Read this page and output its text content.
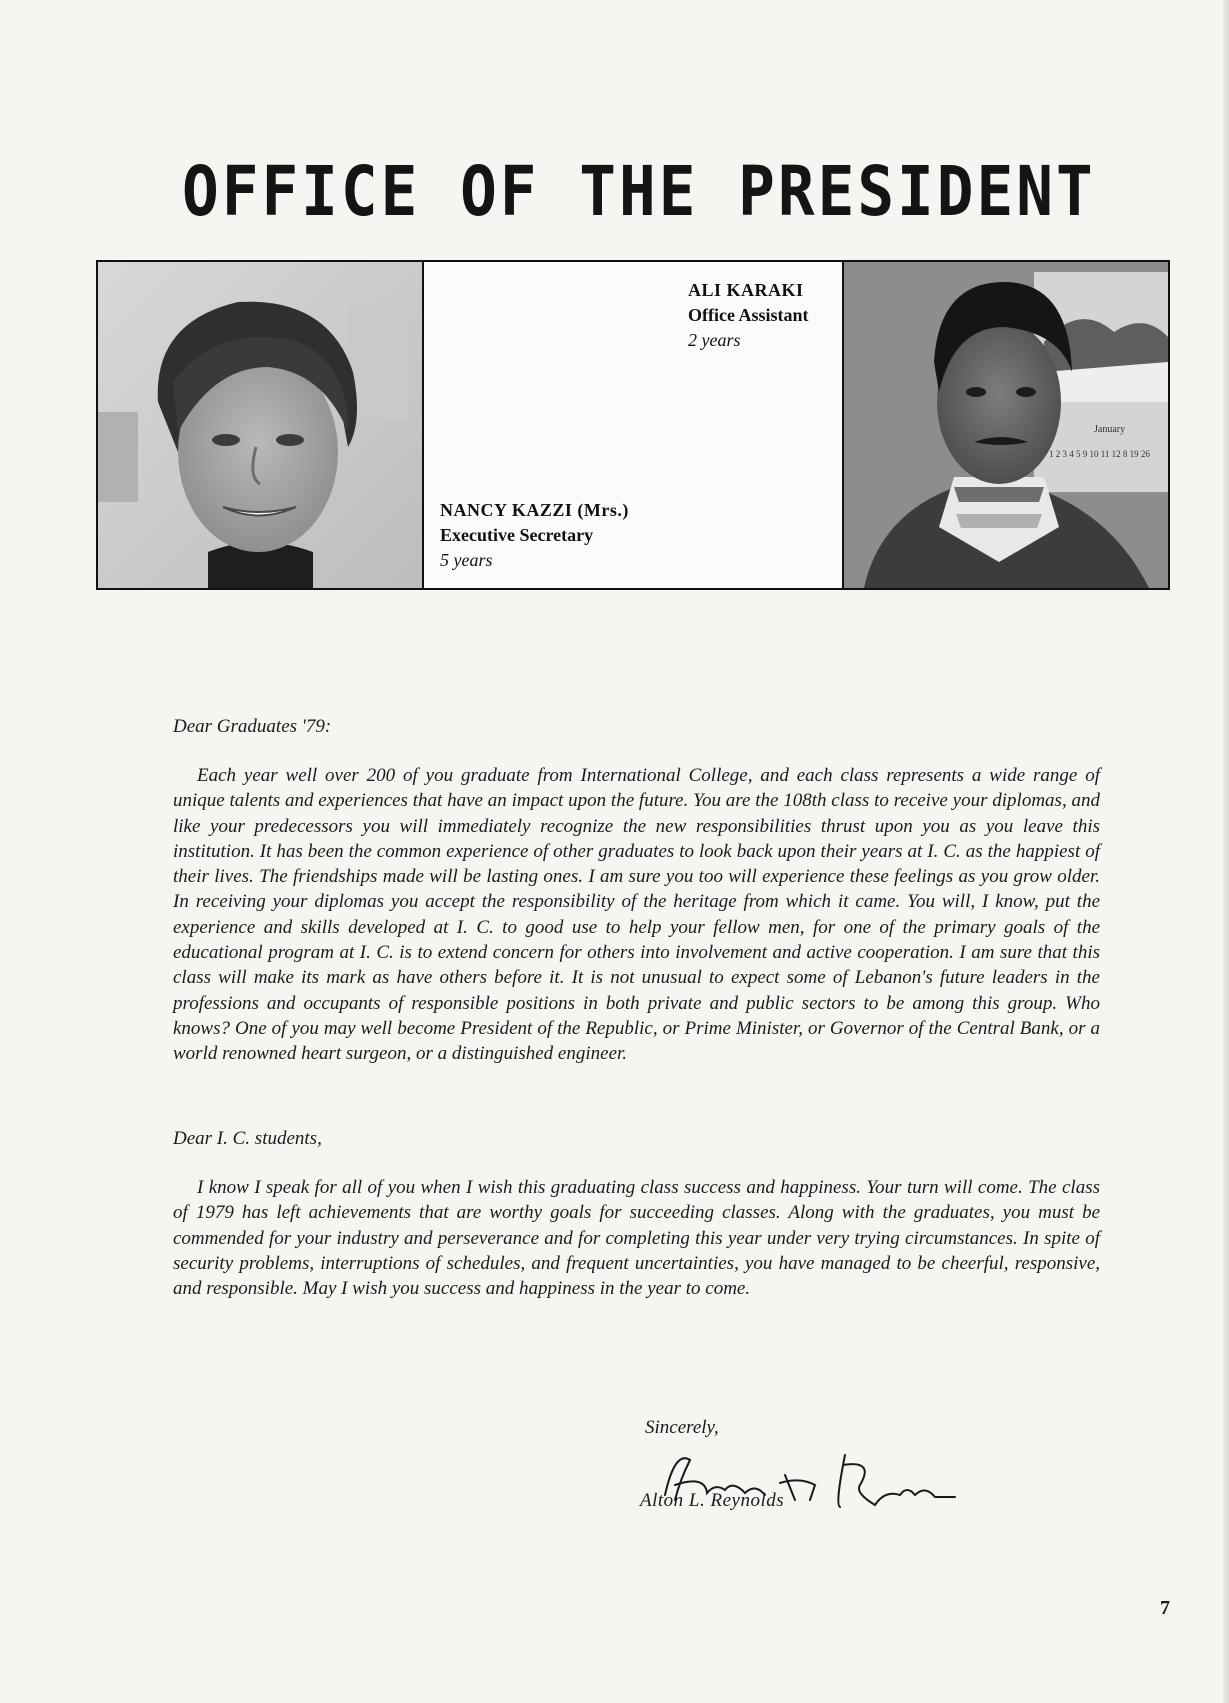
OFFICE OF THE PRESIDENT
ALI KARAKI
Office Assistant
2 years
NANCY KAZZI (Mrs.)
Executive Secretary
5 years
January
1 2 3 4 5 9 10 11 12 8 19 26
Dear Graduates '79:
Each year well over 200 of you graduate from International College, and each class represents a wide range of unique talents and experiences that have an impact upon the future. You are the 108th class to receive your diplomas, and like your predecessors you will immediately recognize the new responsibilities thrust upon you as you leave this institution. It has been the common experience of other graduates to look back upon their years at I. C. as the happiest of their lives. The friendships made will be lasting ones. I am sure you too will experience these feelings as you grow older. In receiving your diplomas you accept the responsibility of the heritage from which it came. You will, I know, put the experience and skills developed at I. C. to good use to help your fellow men, for one of the primary goals of the educational program at I. C. is to extend concern for others into involvement and active cooperation. I am sure that this class will make its mark as have others before it. It is not unusual to expect some of Lebanon's future leaders in the professions and occupants of responsible positions in both private and public sectors to be among this group. Who knows? One of you may well become President of the Republic, or Prime Minister, or Governor of the Central Bank, or a world renowned heart surgeon, or a distinguished engineer.
Dear I. C. students,
I know I speak for all of you when I wish this graduating class success and happiness. Your turn will come. The class of 1979 has left achievements that are worthy goals for succeeding classes. Along with the graduates, you must be commended for your industry and perseverance and for completing this year under very trying circumstances. In spite of security problems, interruptions of schedules, and frequent uncertainties, you have managed to be cheerful, responsive, and responsible. May I wish you success and happiness in the year to come.
Sincerely,
Alton L. Reynolds
7
